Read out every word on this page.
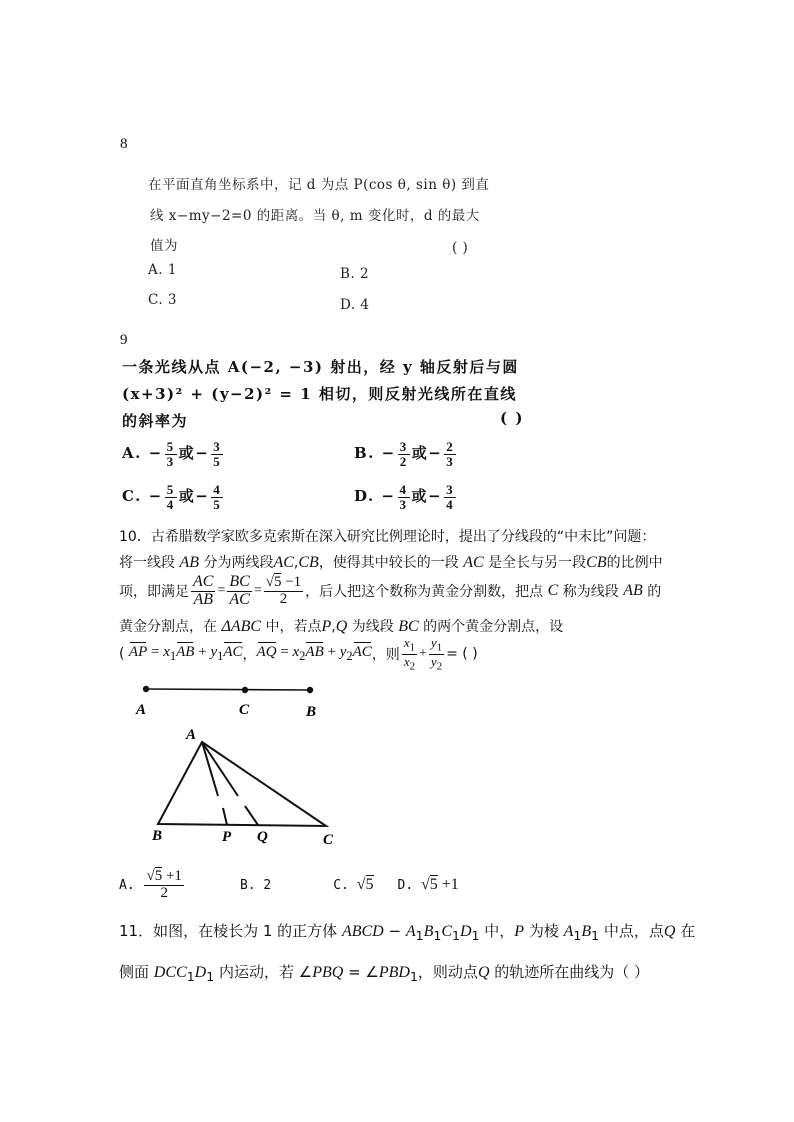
8
在平面直角坐标系中，记 d 为点 P(cos θ, sin θ) 到直
线 x−my−2=0 的距离。当 θ, m 变化时，d 的最大
值为	( )
A. 1	B. 2
C. 3	D. 4
9
一条光线从点 A(−2, −3) 射出，经 y 轴反射后与圆
(x+3)² + (y−2)² = 1 相切，则反射光线所在直线
的斜率为	( )
A. − $\frac{5}{3}$ 或− $\frac{3}{5}$	B. − $\frac{3}{2}$ 或− $\frac{2}{3}$
C. − $\frac{5}{4}$ 或− $\frac{4}{5}$	D. − $\frac{4}{3}$ 或− $\frac{3}{4}$
10．古希腊数学家欧多克索斯在深入研究比例理论时，提出了分线段的“中末比”问题：
将一线段 AB 分为两线段AC,CB，使得其中较长的一段 AC 是全长与另一段CB的比例中
项，即满足 $\frac{AC}{AB} = \frac{BC}{AC} = \frac{√5 -1}{2}$ ，后人把这个数称为黄金分割数，把点
C
称为线段
AB
的
黄金分割点，在 ΔABC 中，若点P,Q 为线段 BC 的两个黄金分割点，设
(
AP = $x_1AB + y_1AC$ ， AQ = $x_2AB + y_2AC$ ，则 $\frac{x_1}{x_2} + \frac{y_1}{y_2}$ = ( )
A	C	B
A
B	P Q	C
A.
$\frac{√5 +1}{2}$	B. 2	C.
√5 D.
√5 +1
11．如图，在棱长为 1 的正方体 ABCD − $A_1B_1C_1D_1$ 中，P 为棱 $A_1B_1$ 中点，点Q 在
侧面 $DCC_1D_1$ 内运动，若 ∠PBQ = $\angle PBD_1$，则动点Q 的轨迹所在曲线为（ ）
